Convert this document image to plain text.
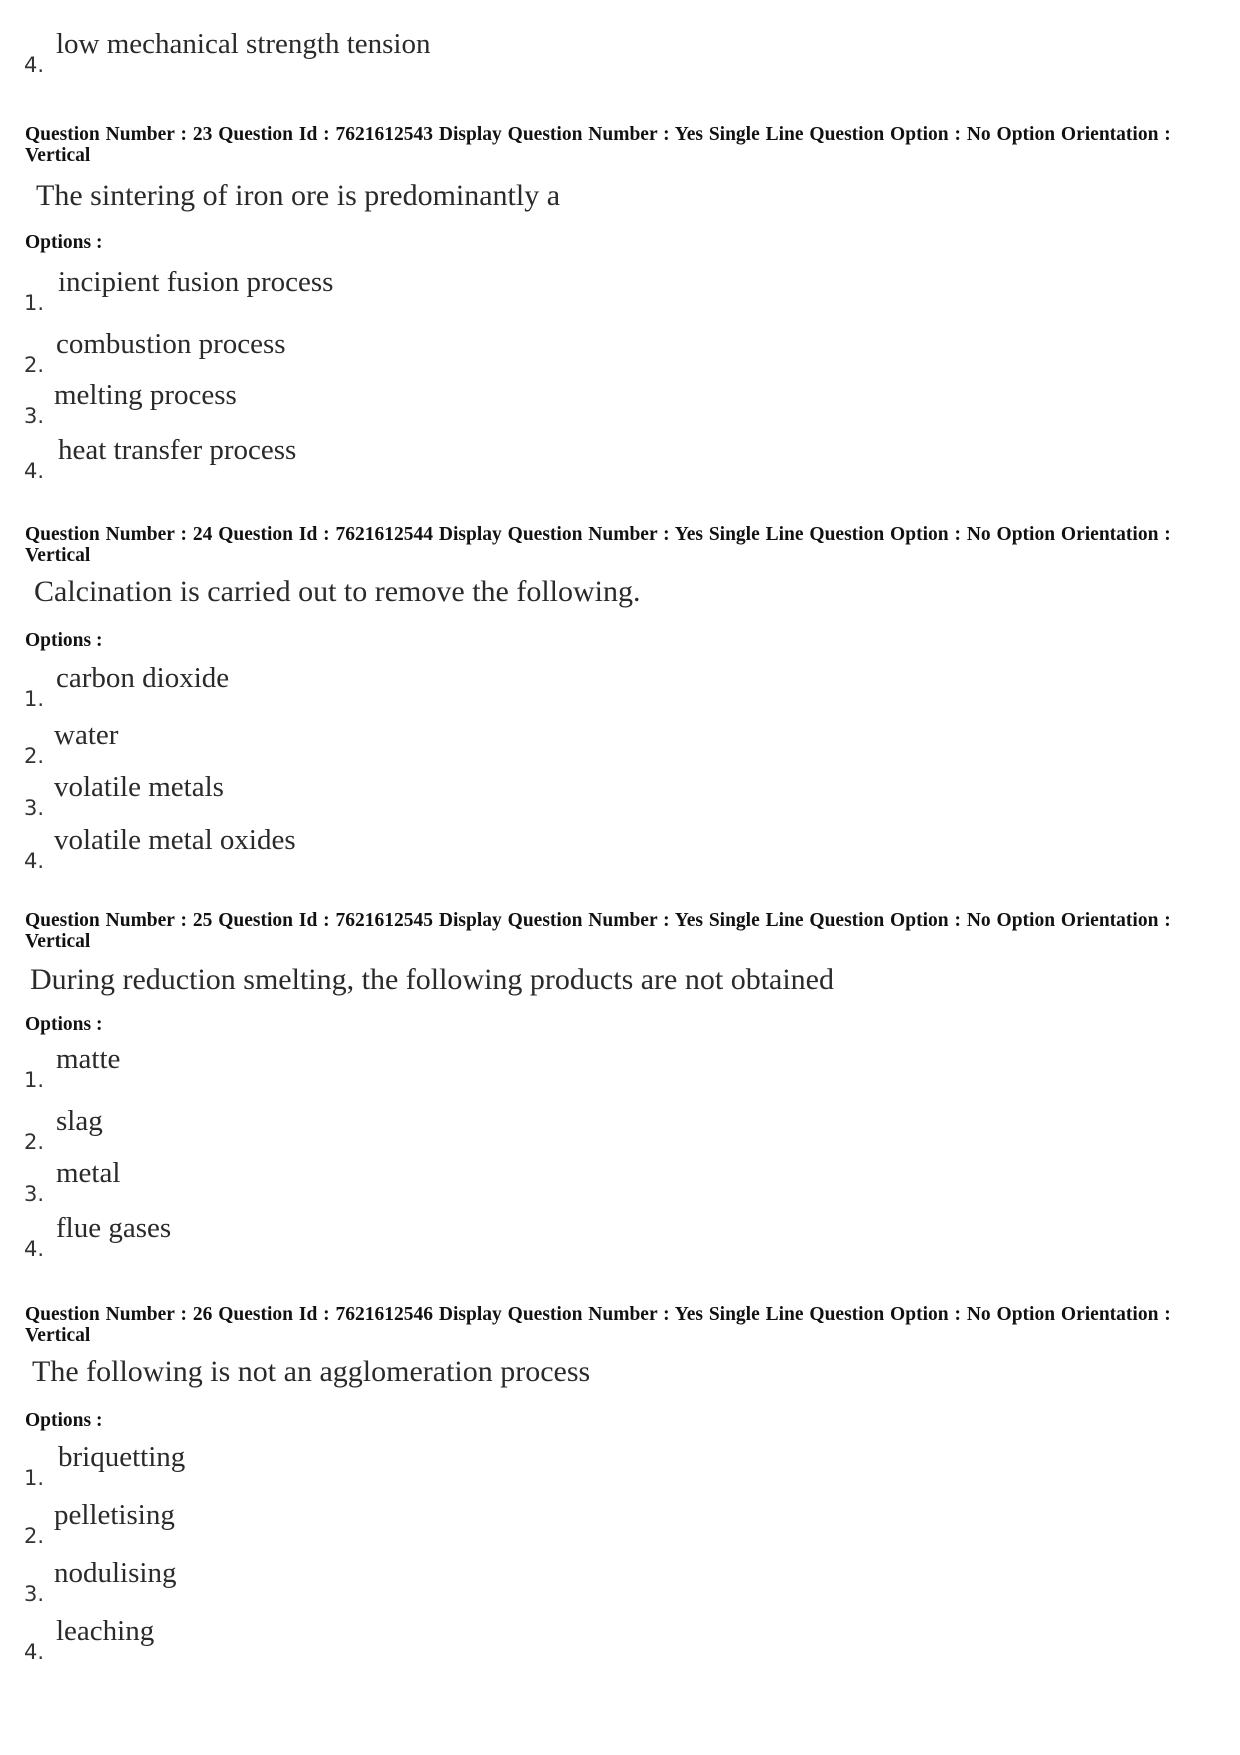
4.
low mechanical strength tension
Question Number : 23 Question Id : 7621612543 Display Question Number : Yes Single Line Question Option : No Option Orientation : Vertical
The sintering of iron ore is predominantly a
Options :
1.
incipient fusion process
2.
combustion process
3.
melting process
4.
heat transfer process
Question Number : 24 Question Id : 7621612544 Display Question Number : Yes Single Line Question Option : No Option Orientation : Vertical
Calcination is carried out to remove the following.
Options :
1.
carbon dioxide
2.
water
3.
volatile metals
4.
volatile metal oxides
Question Number : 25 Question Id : 7621612545 Display Question Number : Yes Single Line Question Option : No Option Orientation : Vertical
During reduction smelting, the following products are not obtained
Options :
1.
matte
2.
slag
3.
metal
4.
flue gases
Question Number : 26 Question Id : 7621612546 Display Question Number : Yes Single Line Question Option : No Option Orientation : Vertical
The following is not an agglomeration process
Options :
1.
briquetting
2.
pelletising
3.
nodulising
4.
leaching
